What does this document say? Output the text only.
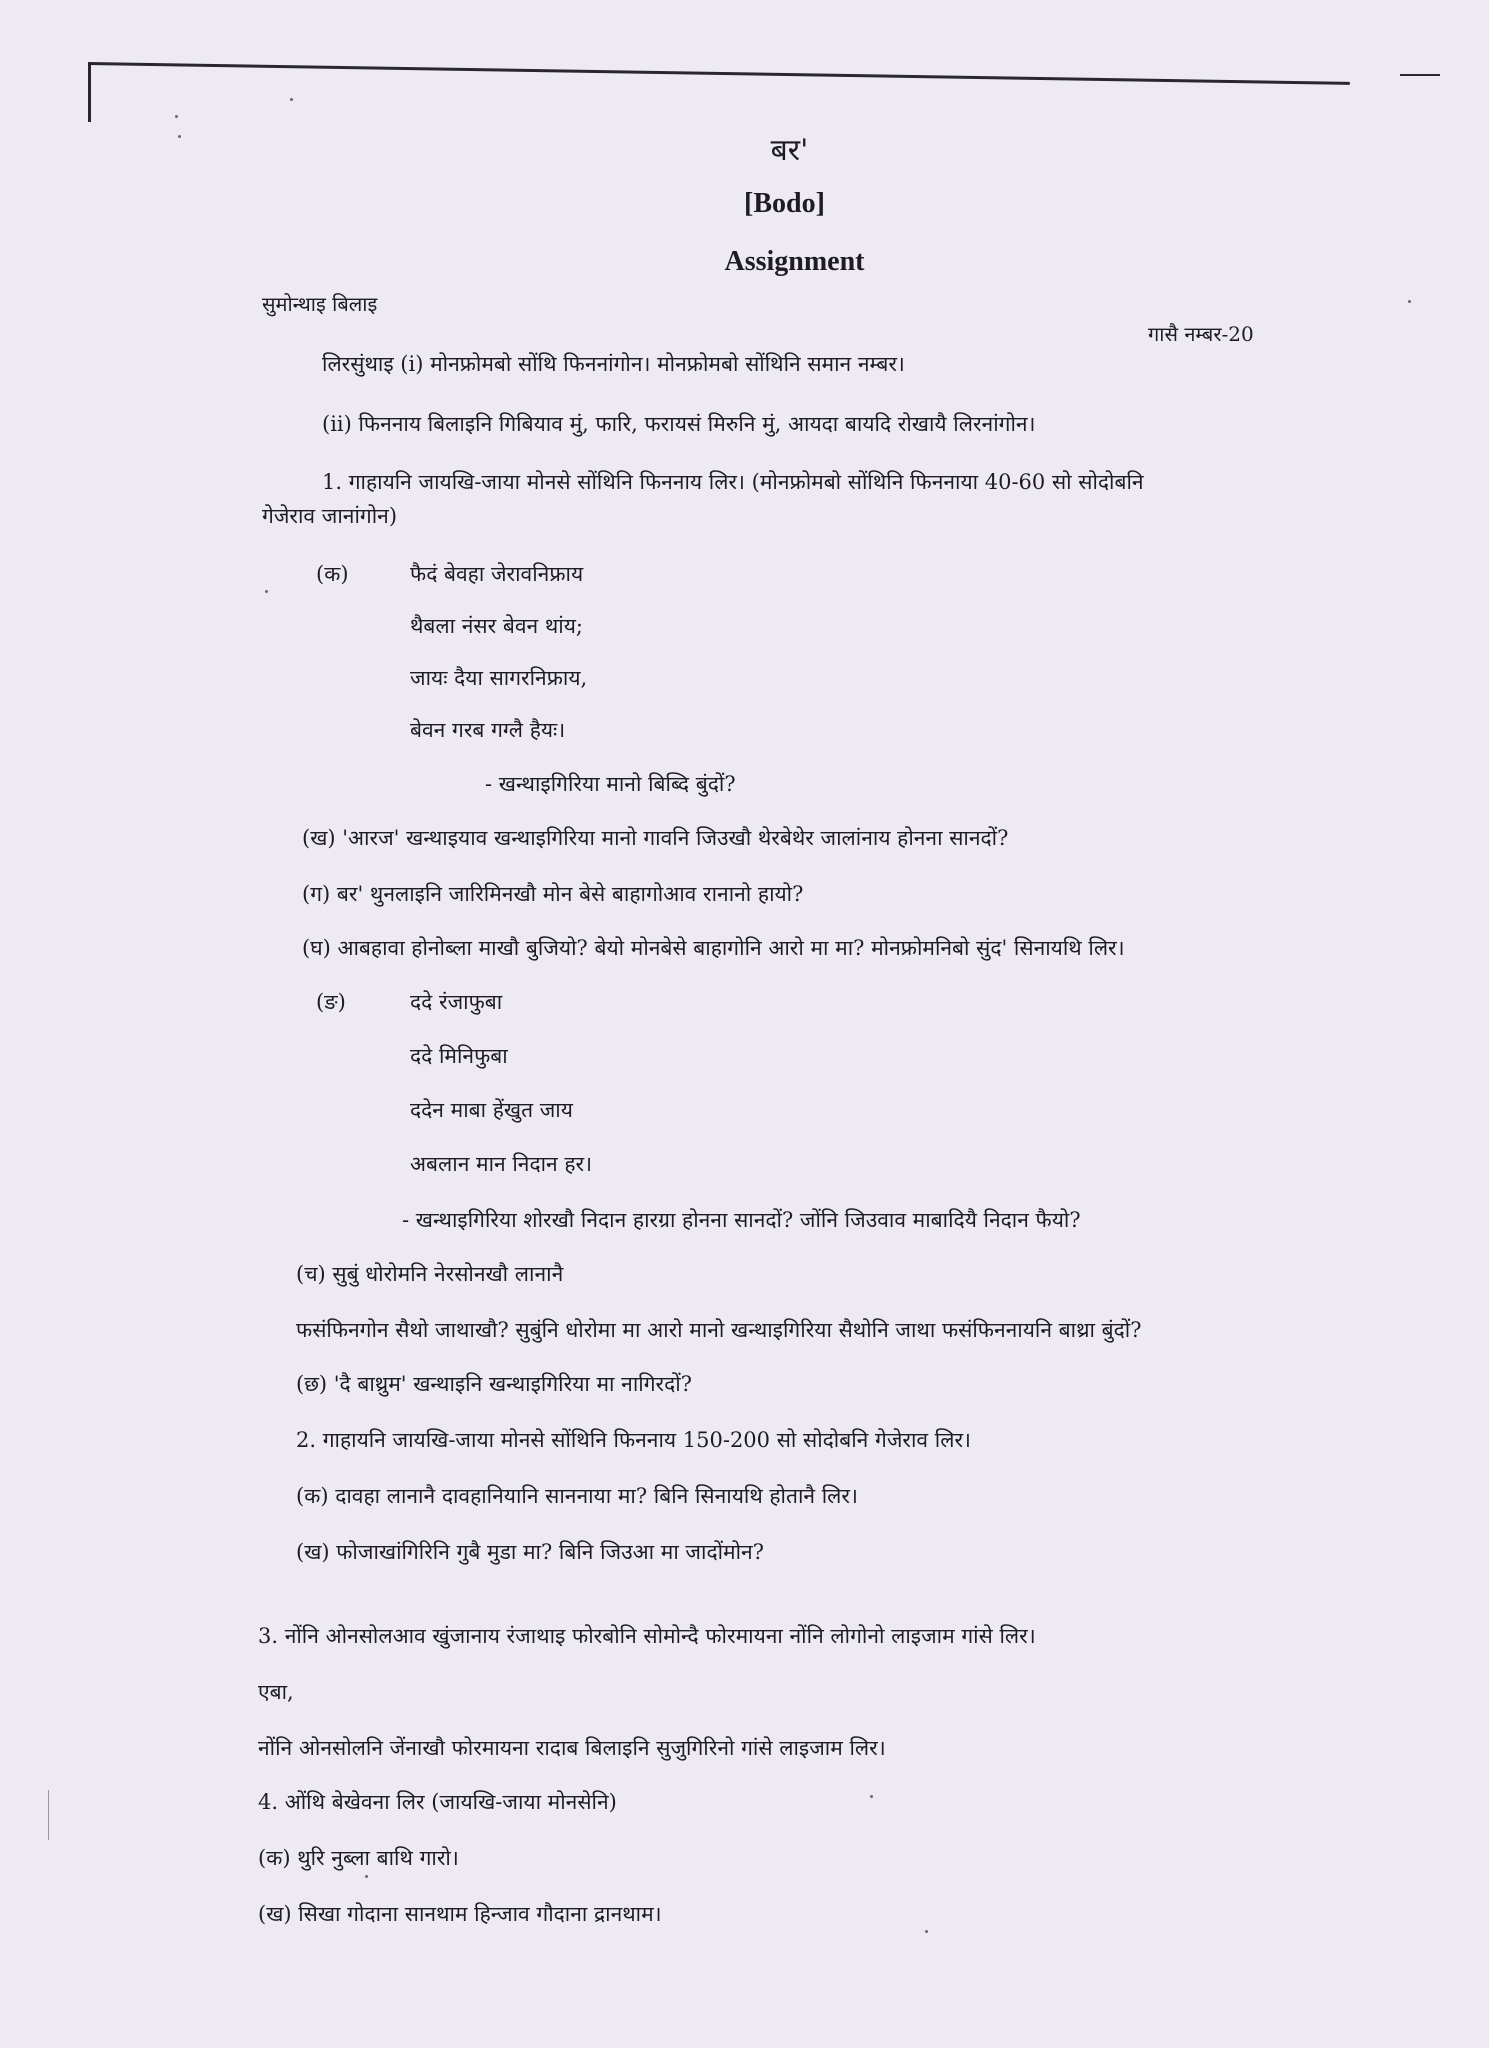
बर'
[Bodo]
Assignment
सुमोन्थाइ बिलाइ
गासै नम्बर-20
लिरसुंथाइ (i) मोनफ्रोमबो सोंथि फिननांगोन। मोनफ्रोमबो सोंथिनि समान नम्बर।
(ii) फिननाय बिलाइनि गिबियाव मुं, फारि, फरायसं मिरुनि मुं, आयदा बायदि रोखायै लिरनांगोन।
1. गाहायनि जायखि-जाया मोनसे सोंथिनि फिननाय लिर। (मोनफ्रोमबो सोंथिनि फिननाया 40-60 सो सोदोबनि
गेजेराव जानांगोन)
(क)	फैदं बेवहा जेरावनिफ्राय
थैबला नंसर बेवन थांय;
जायः दैया सागरनिफ्राय,
बेवन गरब गग्लै हैयः।
- खन्थाइगिरिया मानो बिब्दि बुंदों?
(ख) 'आरज' खन्थाइयाव खन्थाइगिरिया मानो गावनि जिउखौ थेरबेथेर जालांनाय होनना सानदों?
(ग) बर' थुनलाइनि जारिमिनखौ मोन बेसे बाहागोआव रानानो हायो?
(घ) आबहावा होनोब्ला माखौ बुजियो? बेयो मोनबेसे बाहागोनि आरो मा मा? मोनफ्रोमनिबो सुंद' सिनायथि लिर।
(ङ)	ददे रंजाफुबा
ददे मिनिफुबा
ददेन माबा हेंखुत जाय
अबलान मान निदान हर।
- खन्थाइगिरिया शोरखौ निदान हारग्रा होनना सानदों? जोंनि जिउवाव माबादियै निदान फैयो?
(च) सुबुं धोरोमनि नेरसोनखौ लानानै
फसंफिनगोन सैथो जाथाखौ? सुबुंनि धोरोमा मा आरो मानो खन्थाइगिरिया सैथोनि जाथा फसंफिननायनि बाथ्रा बुंदों?
(छ) 'दै बाथ्रुम' खन्थाइनि खन्थाइगिरिया मा नागिरदों?
2. गाहायनि जायखि-जाया मोनसे सोंथिनि फिननाय 150-200 सो सोदोबनि गेजेराव लिर।
(क) दावहा लानानै दावहानियानि साननाया मा? बिनि सिनायथि होतानै लिर।
(ख) फोजाखांगिरिनि गुबै मुडा मा? बिनि जिउआ मा जादोंमोन?
3. नोंनि ओनसोलआव खुंजानाय रंजाथाइ फोरबोनि सोमोन्दै फोरमायना नोंनि लोगोनो लाइजाम गांसे लिर।
एबा,
नोंनि ओनसोलनि जेंनाखौ फोरमायना रादाब बिलाइनि सुजुगिरिनो गांसे लाइजाम लिर।
4. ओंथि बेखेवना लिर (जायखि-जाया मोनसेनि)
(क) थुरि नुब्ला बाथि गारो।
(ख) सिखा गोदाना सानथाम हिन्जाव गौदाना द्रानथाम।
